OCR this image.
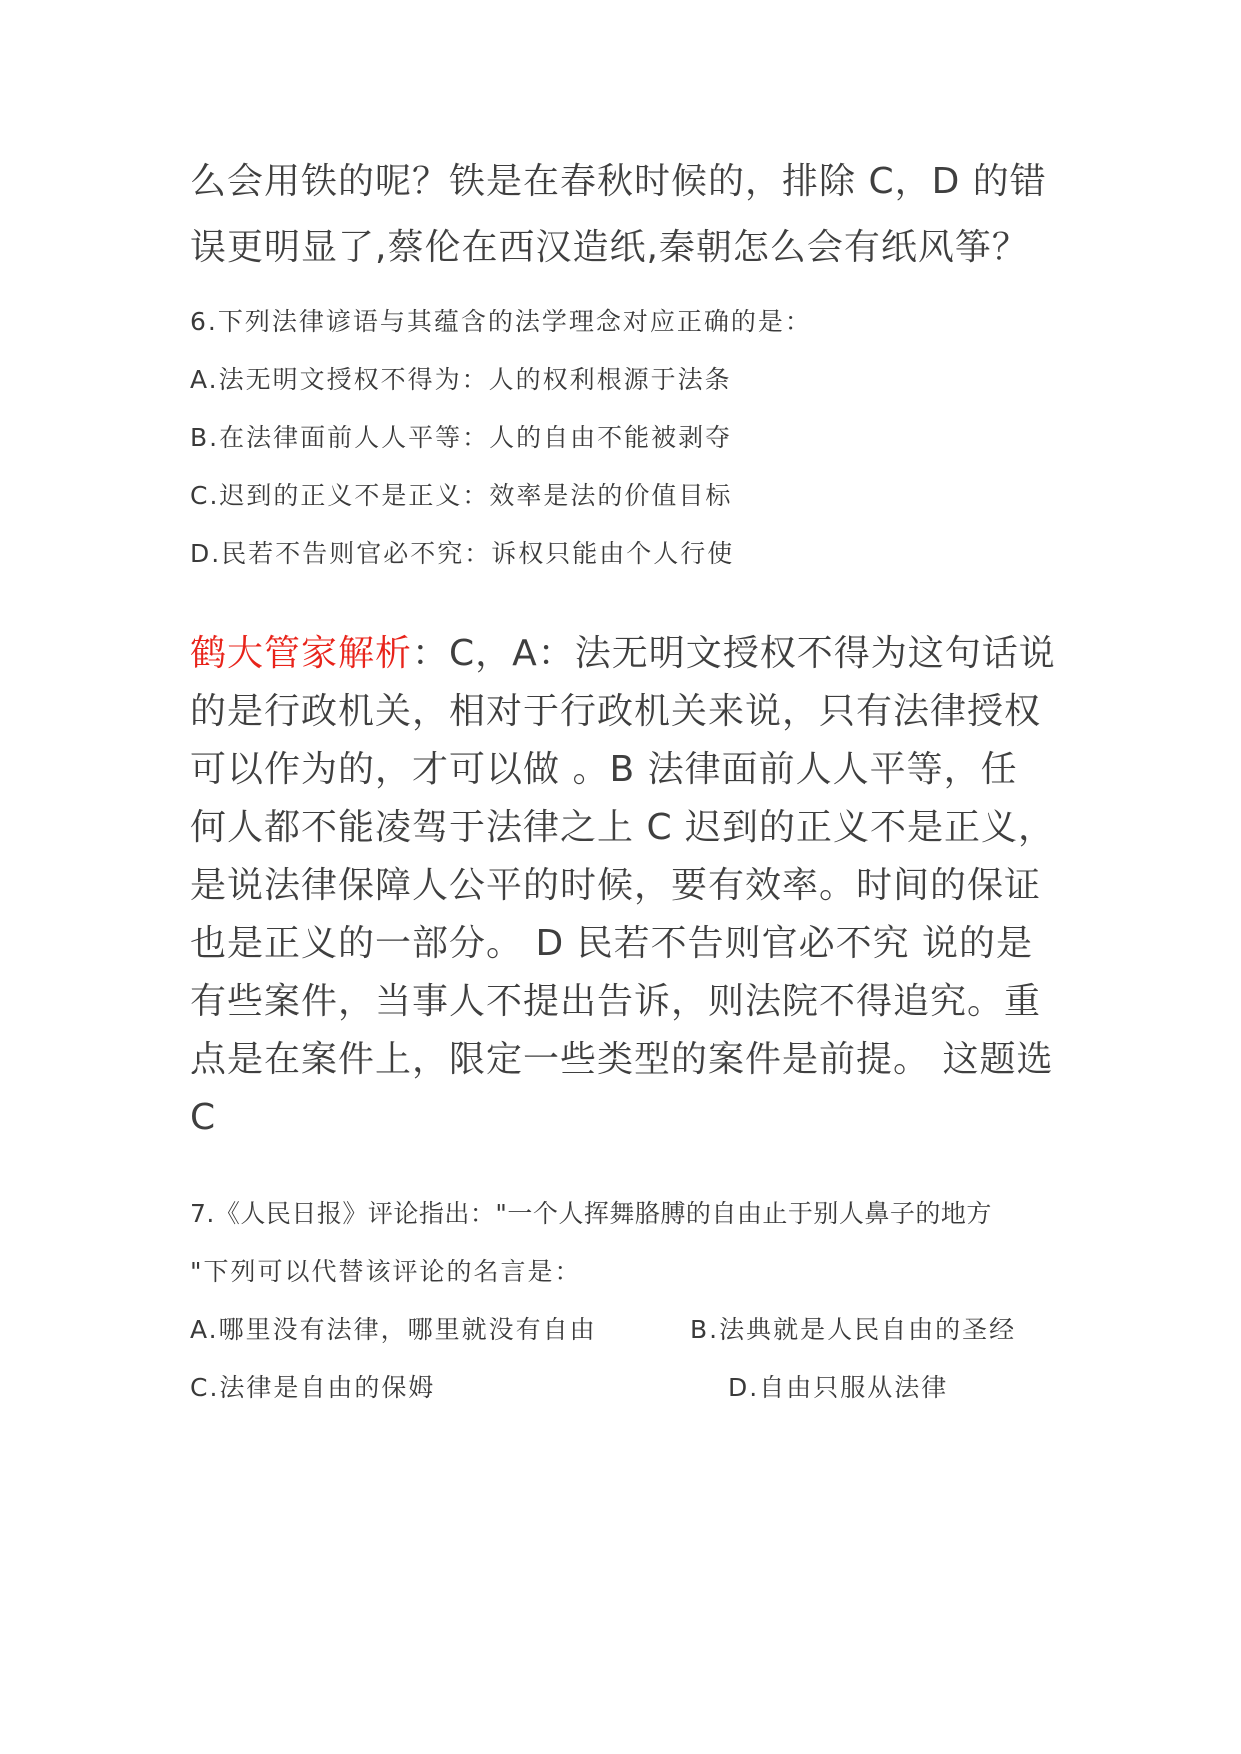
么会用铁的呢？铁是在春秋时候的，排除 C，D 的错
误更明显了,蔡伦在西汉造纸,秦朝怎么会有纸风筝？
6.下列法律谚语与其蕴含的法学理念对应正确的是：
A.法无明文授权不得为：人的权利根源于法条
B.在法律面前人人平等：人的自由不能被剥夺
C.迟到的正义不是正义：效率是法的价值目标
D.民若不告则官必不究：诉权只能由个人行使
鹤大管家解析：C，A：法无明文授权不得为这句话说
的是行政机关，相对于行政机关来说，只有法律授权
可以作为的，才可以做 。B 法律面前人人平等，任
何人都不能凌驾于法律之上 C 迟到的正义不是正义，
是说法律保障人公平的时候，要有效率。时间的保证
也是正义的一部分。 D 民若不告则官必不究 说的是
有些案件，当事人不提出告诉，则法院不得追究。重
点是在案件上，限定一些类型的案件是前提。 这题选
C
7.《人民日报》评论指出："一个人挥舞胳膊的自由止于别人鼻子的地方
"下列可以代替该评论的名言是：
A.哪里没有法律，哪里就没有自由	B.法典就是人民自由的圣经
C.法律是自由的保姆	D.自由只服从法律
